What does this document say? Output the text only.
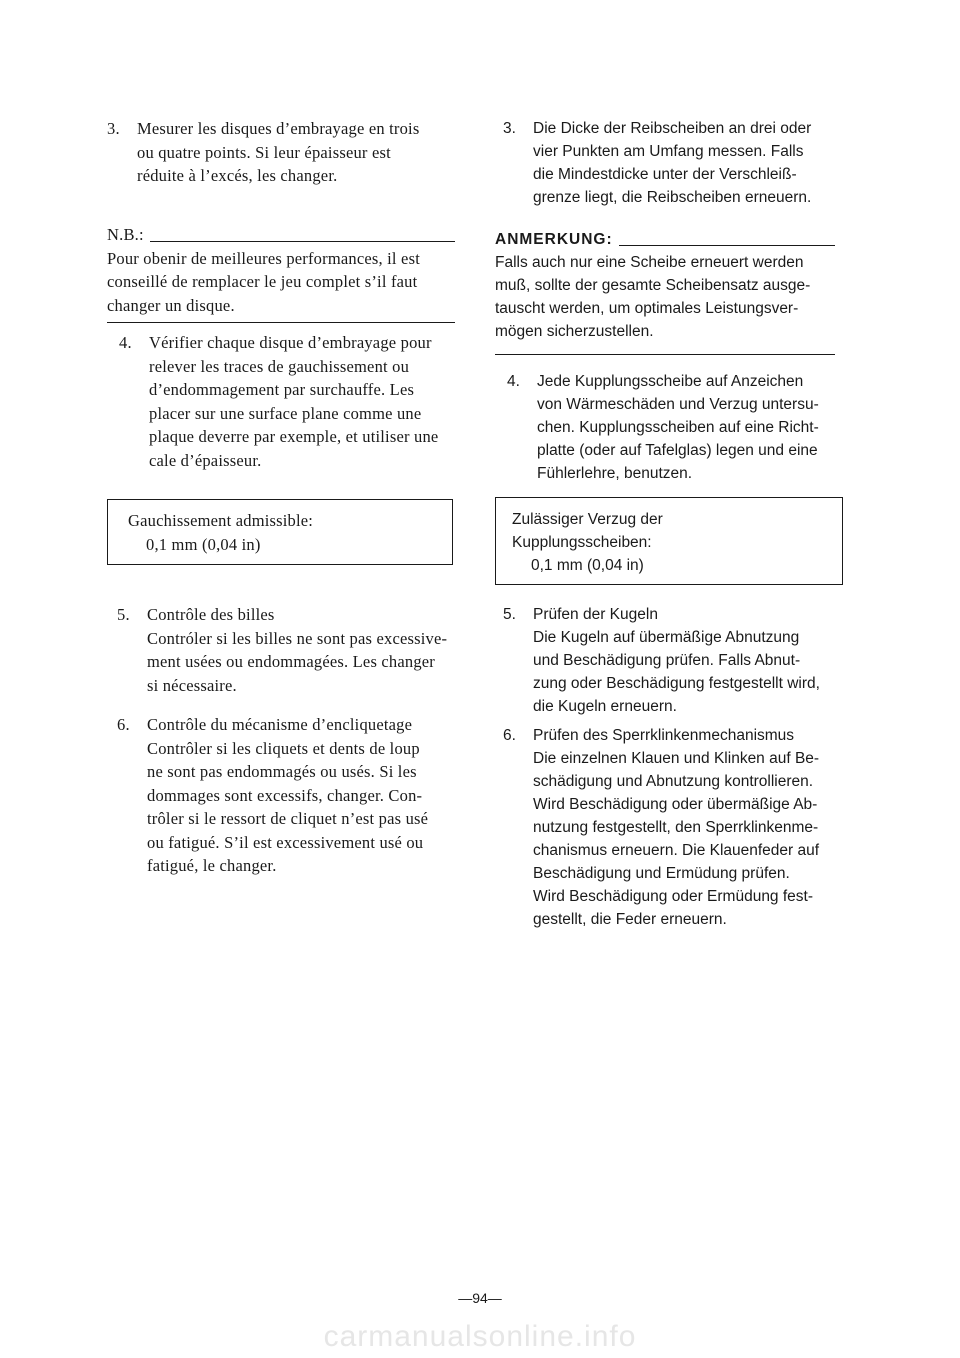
3.	Mesurer les disques d’embrayage en trois
ou quatre points. Si leur épaisseur est
réduite à l’excés, les changer.
N.B.:
Pour obenir de meilleures performances, il est
conseillé de remplacer le jeu complet s’il faut
changer un disque.
4.	Vérifier chaque disque d’embrayage pour
relever les traces de gauchissement ou
d’endommagement par surchauffe. Les
placer sur une surface plane comme une
plaque deverre par exemple, et utiliser une
cale d’épaisseur.
Gauchissement admissible:
0,1 mm (0,04 in)
5.	Contrôle des billes
Contróler si les billes ne sont pas excessive-
ment usées ou endommagées. Les changer
si nécessaire.
6.	Contrôle du mécanisme d’encliquetage
Contrôler si les cliquets et dents de loup
ne sont pas endommagés ou usés. Si les
dommages sont excessifs, changer. Con-
trôler si le ressort de cliquet n’est pas usé
ou fatigué. S’il est excessivement usé ou
fatigué, le changer.
3.	Die Dicke der Reibscheiben an drei oder
vier Punkten am Umfang messen. Falls
die Mindestdicke unter der Verschleiß-
grenze liegt, die Reibscheiben erneuern.
ANMERKUNG:
Falls auch nur eine Scheibe erneuert werden
muß, sollte der gesamte Scheibensatz ausge-
tauscht werden, um optimales Leistungsver-
mögen sicherzustellen.
4.	Jede Kupplungsscheibe auf Anzeichen
von Wärmeschäden und Verzug untersu-
chen. Kupplungsscheiben auf eine Richt-
platte (oder auf Tafelglas) legen und eine
Fühlerlehre, benutzen.
Zulässiger Verzug der
Kupplungsscheiben:
0,1 mm (0,04 in)
5.	Prüfen der Kugeln
Die Kugeln auf übermäßige Abnutzung
und Beschädigung prüfen. Falls Abnut-
zung oder Beschädigung festgestellt wird,
die Kugeln erneuern.
6.	Prüfen des Sperrklinkenmechanismus
Die einzelnen Klauen und Klinken auf Be-
schädigung und Abnutzung kontrollieren.
Wird Beschädigung oder übermäßige Ab-
nutzung festgestellt, den Sperrklinkenme-
chanismus erneuern. Die Klauenfeder auf
Beschädigung und Ermüdung prüfen.
Wird Beschädigung oder Ermüdung fest-
gestellt, die Feder erneuern.
—94—
carmanualsonline.info
